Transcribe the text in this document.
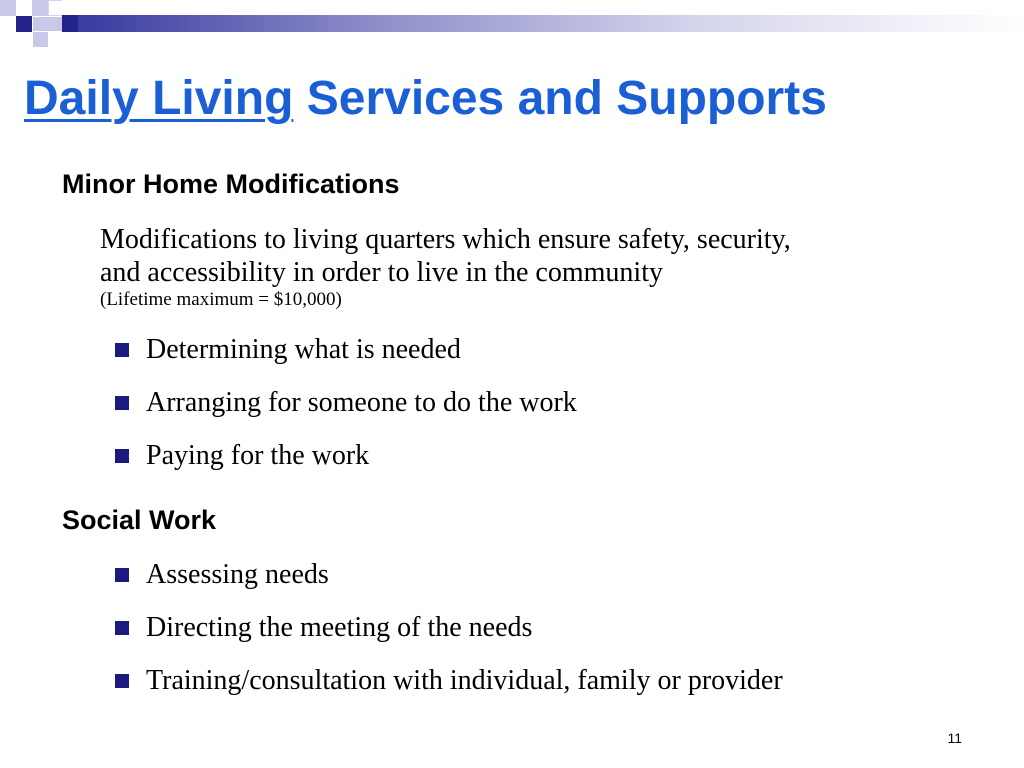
Daily Living Services and Supports
Minor Home Modifications
Modifications to living quarters which ensure safety, security,
and accessibility in order to live in the community
(Lifetime maximum = $10,000)
Determining what is needed
Arranging for someone to do the work
Paying for the work
Social Work
Assessing needs
Directing the meeting of the needs
Training/consultation with individual, family or provider
11
